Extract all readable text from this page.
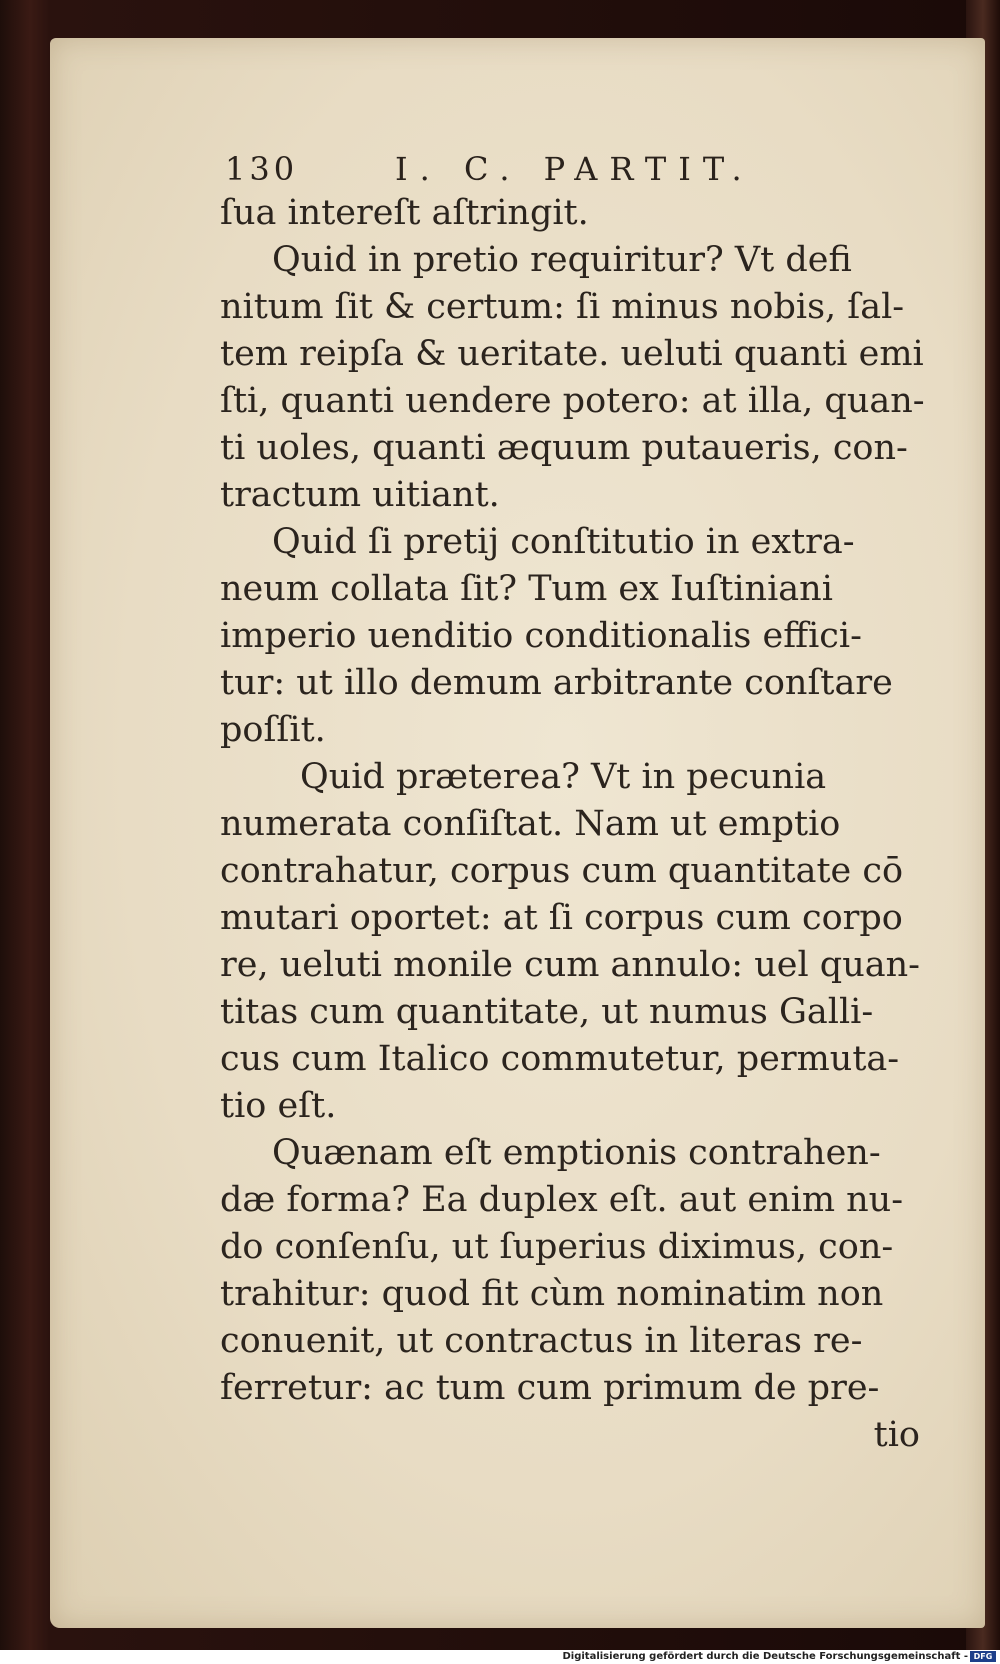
130	I. C. PARTIT.
ſua intereſt aſtringit.
Quid in pretio requiritur? Vt defi
nitum ſit & certum: ſi minus nobis, ſal-
tem reipſa & ueritate. ueluti quanti emi
ſti, quanti uendere potero: at illa, quan-
ti uoles, quanti æquum putaueris, con-
tractum uitiant.
Quid ſi pretij conſtitutio in extra-
neum collata ſit? Tum ex Iuſtiniani
imperio uenditio conditionalis effici-
tur: ut illo demum arbitrante conſtare
poſſit.
Quid præterea? Vt in pecunia
numerata conſiſtat. Nam ut emptio
contrahatur, corpus cum quantitate cō
mutari oportet: at ſi corpus cum corpo
re, ueluti monile cum annulo: uel quan-
titas cum quantitate, ut numus Galli-
cus cum Italico commutetur, permuta-
tio eſt.
Quænam eſt emptionis contrahen-
dæ forma? Ea duplex eſt. aut enim nu-
do conſenſu, ut ſuperius diximus, con-
trahitur: quod fit cùm nominatim non
conuenit, ut contractus in literas re-
ferretur: ac tum cum primum de pre-
tio
Digitalisierung gefördert durch die Deutsche Forschungsgemeinschaft - DFG
